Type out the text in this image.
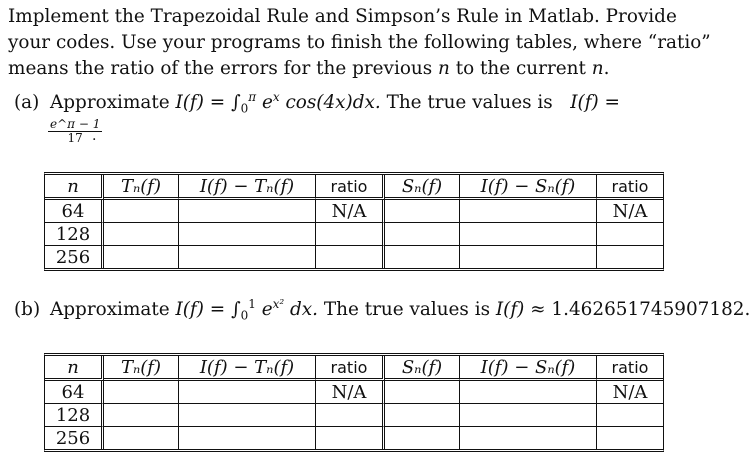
Implement the Trapezoidal Rule and Simpson’s Rule in Matlab. Provide
your codes. Use your programs to finish the following tables, where “ratio”
means the ratio of the errors for the previous n to the current n.
(a) Approximate $I(f) = \int_0^\pi$ $e^x$ cos(4x)dx. The true values is   I(f) =
$\frac{e\^{}\pi - 1}{17}$
.
n	Tₙ(f)	I(f) − Tₙ(f)	ratio	Sₙ(f)	I(f) − Sₙ(f)	ratio
64			N/A			N/A
128						
256						
(b) Approximate $I(f) = \int_0^1$ $e^{x^2}$ dx. The true values is I(f) ≈ 1.462651745907182.
n	Tₙ(f)	I(f) − Tₙ(f)	ratio	Sₙ(f)	I(f) − Sₙ(f)	ratio
64			N/A			N/A
128						
256						
